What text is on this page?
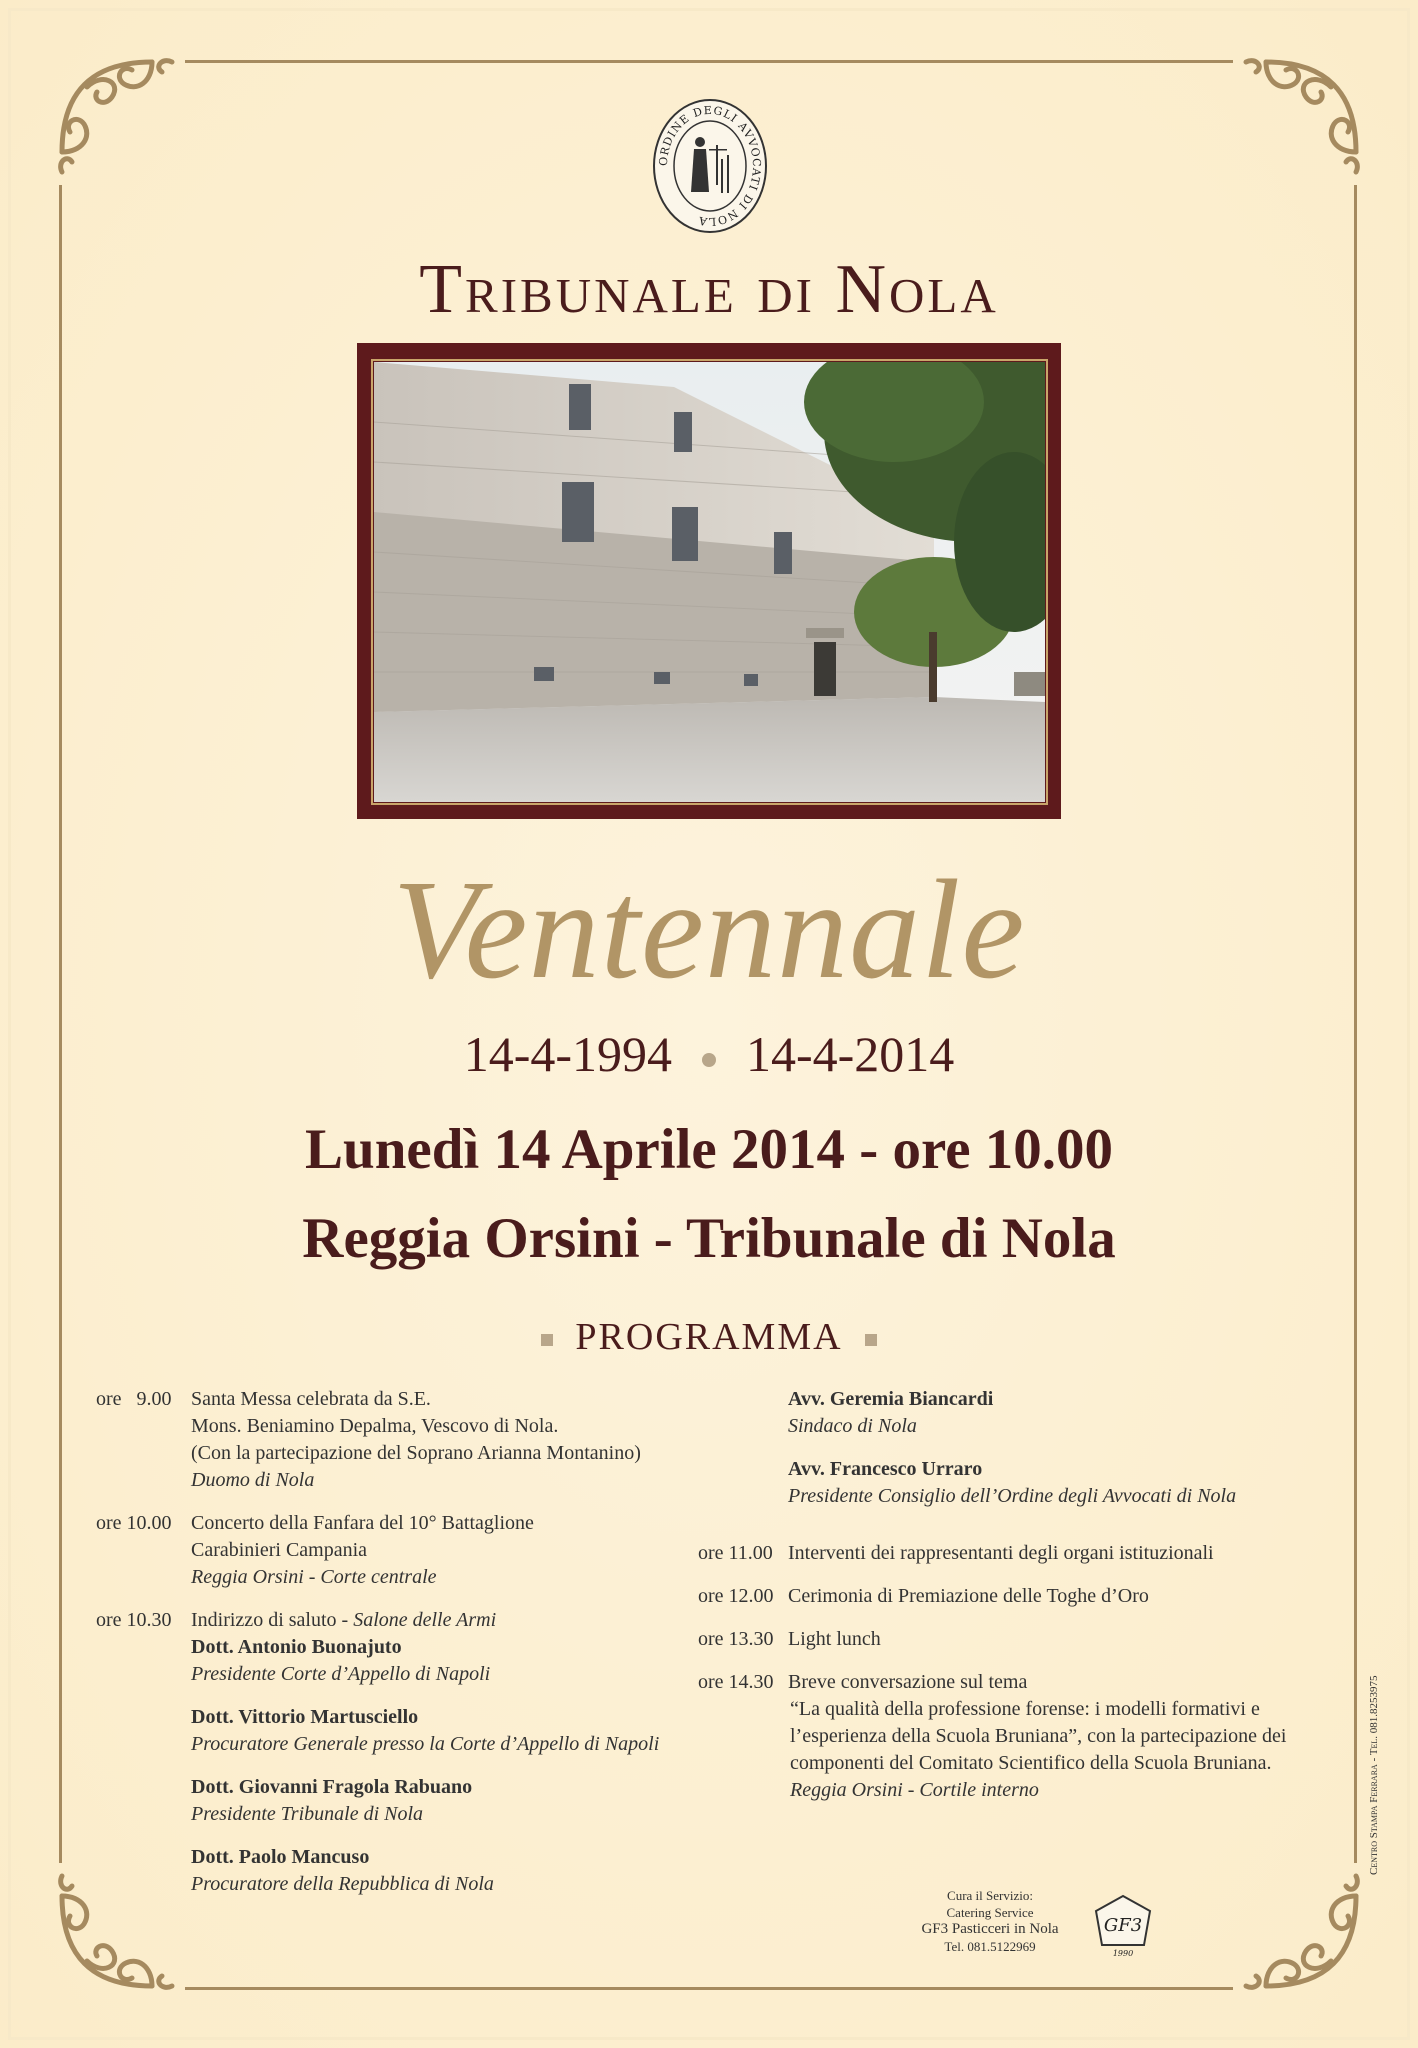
ORDINE DEGLI AVVOCATI DI NOLA
Tribunale di Nola
Ventennale
14-4-1994 14-4-2014
Lunedì 14 Aprile 2014 - ore 10.00
Reggia Orsini - Tribunale di Nola
PROGRAMMA
ore   9.00 Santa Messa celebrata da S.E.
Mons. Beniamino Depalma, Vescovo di Nola.
(Con la partecipazione del Soprano Arianna Montanino)
Duomo di Nola
ore 10.00 Concerto della Fanfara del 10° Battaglione
Carabinieri Campania
Reggia Orsini - Corte centrale
ore 10.30 Indirizzo di saluto - Salone delle Armi
Dott. Antonio Buonajuto
Presidente Corte d’Appello di Napoli
Dott. Vittorio Martusciello
Procuratore Generale presso la Corte d’Appello di Napoli
Dott. Giovanni Fragola Rabuano
Presidente Tribunale di Nola
Dott. Paolo Mancuso
Procuratore della Repubblica di Nola
Avv. Geremia Biancardi
Sindaco di Nola
Avv. Francesco Urraro
Presidente Consiglio dell’Ordine degli Avvocati di Nola
ore 11.00 Interventi dei rappresentanti degli organi istituzionali
ore 12.00 Cerimonia di Premiazione delle Toghe d’Oro
ore 13.30 Light lunch
ore 14.30 Breve conversazione sul tema
“La qualità della professione forense: i modelli formativi e
l’esperienza della Scuola Bruniana”, con la partecipazione dei
componenti del Comitato Scientifico della Scuola Bruniana.
Reggia Orsini - Cortile interno
Cura il Servizio:
Catering Service
GF3 Pasticceri in Nola
Tel. 081.5122969
GF3
1990
Centro Stampa Ferrara - Tel. 081.8253975
